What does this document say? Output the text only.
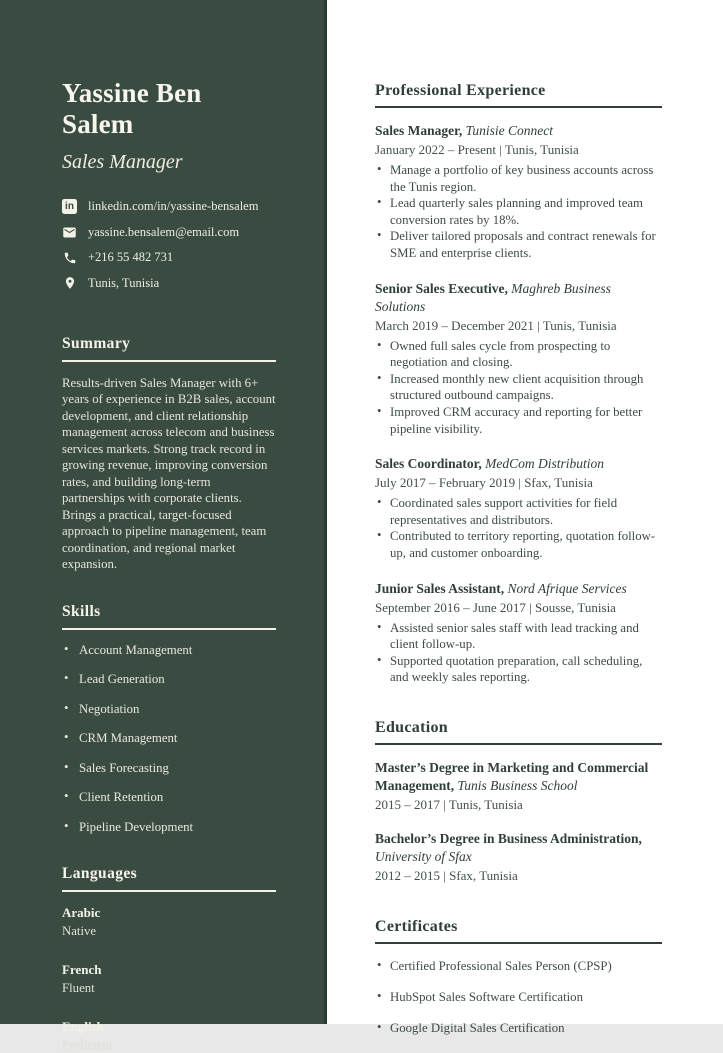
Yassine Ben Salem
Sales Manager
in linkedin.com/in/yassine-bensalem
yassine.bensalem@email.com
+216 55 482 731
Tunis, Tunisia
Summary

Results-driven Sales Manager with 6+ years of experience in B2B sales, account development, and client relationship management across telecom and business services markets. Strong track record in growing revenue, improving conversion rates, and building long-term partnerships with corporate clients. Brings a practical, target-focused approach to pipeline management, team coordination, and regional market expansion.

Skills
• Account Management
• Lead Generation
• Negotiation
• CRM Management
• Sales Forecasting
• Client Retention
• Pipeline Development
Languages
Arabic
Native
French
Fluent
English
Proficient
Professional Experience
Sales Manager, Tunisie Connect
January 2022 – Present | Tunis, Tunisia
• Manage a portfolio of key business accounts across the Tunis region.
• Lead quarterly sales planning and improved team conversion rates by 18%.
• Deliver tailored proposals and contract renewals for SME and enterprise clients.
Senior Sales Executive, Maghreb Business Solutions
March 2019 – December 2021 | Tunis, Tunisia
• Owned full sales cycle from prospecting to negotiation and closing.
• Increased monthly new client acquisition through structured outbound campaigns.
• Improved CRM accuracy and reporting for better pipeline visibility.
Sales Coordinator, MedCom Distribution
July 2017 – February 2019 | Sfax, Tunisia
• Coordinated sales support activities for field representatives and distributors.
• Contributed to territory reporting, quotation follow-up, and customer onboarding.
Junior Sales Assistant, Nord Afrique Services
September 2016 – June 2017 | Sousse, Tunisia
• Assisted senior sales staff with lead tracking and client follow-up.
• Supported quotation preparation, call scheduling, and weekly sales reporting.
Education
Master’s Degree in Marketing and Commercial Management, Tunis Business School
2015 – 2017 | Tunis, Tunisia
Bachelor’s Degree in Business Administration, University of Sfax
2012 – 2015 | Sfax, Tunisia
Certificates
• Certified Professional Sales Person (CPSP)
• HubSpot Sales Software Certification
• Google Digital Sales Certification
